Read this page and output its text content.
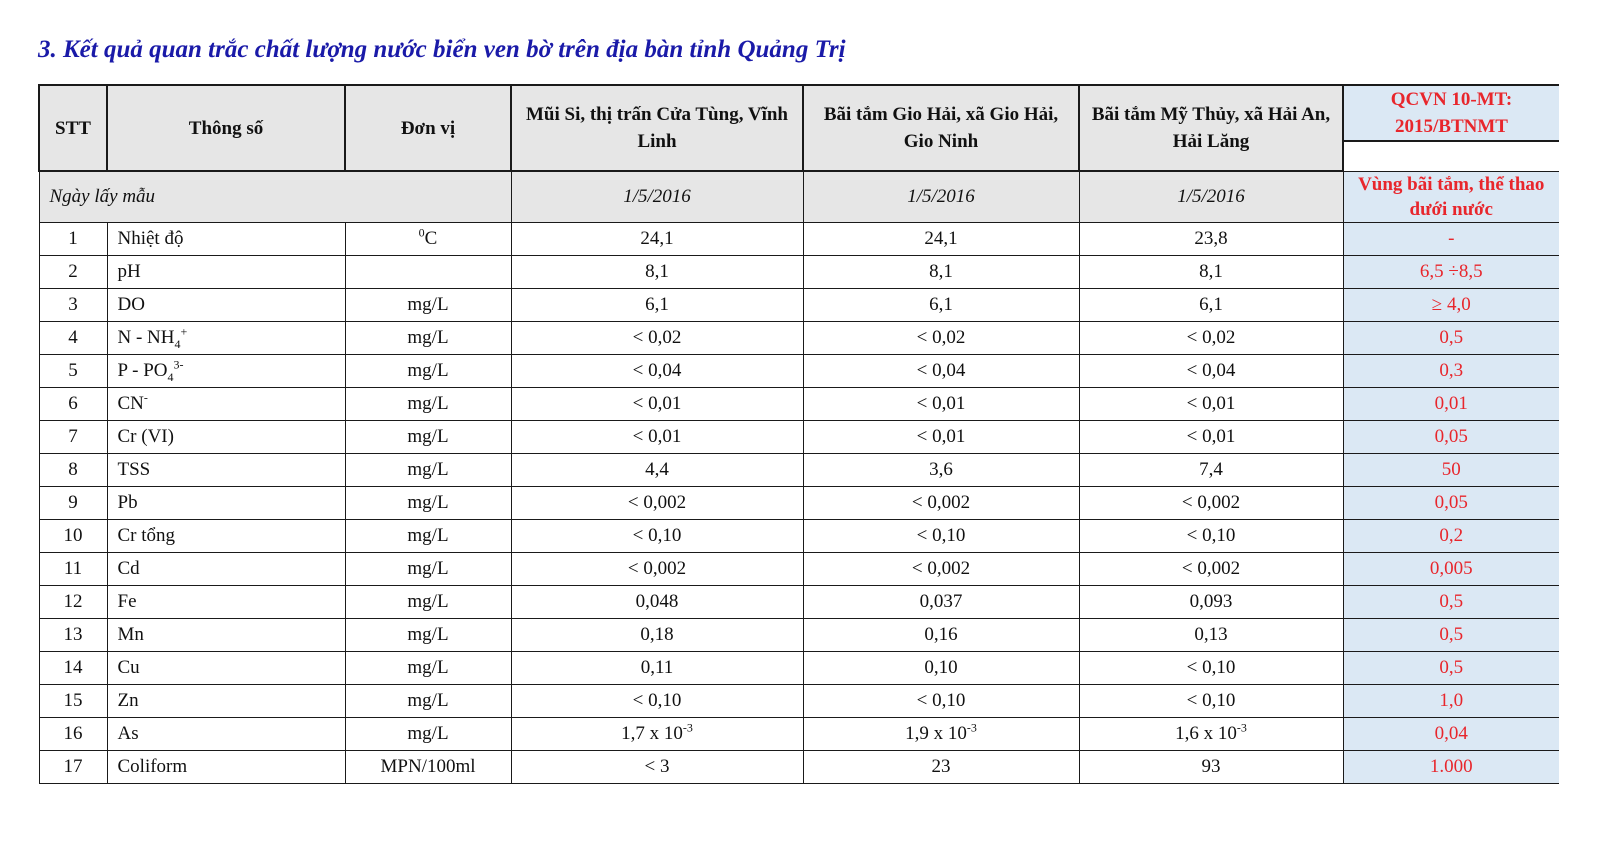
3. Kết quả quan trắc chất lượng nước biển ven bờ trên địa bàn tỉnh Quảng Trị
STT	Thông số	Đơn vị	Mũi Si, thị trấn Cửa Tùng, Vĩnh Linh	Bãi tắm Gio Hải, xã Gio Hải, Gio Ninh	Bãi tắm Mỹ Thủy, xã Hải An, Hải Lăng	QCVN 10-MT: 2015/BTNMT

Ngày lấy mẫu			1/5/2016	1/5/2016	1/5/2016	Vùng bãi tắm, thể thao dưới nước
1	Nhiệt độ	$^0$C	24,1	24,1	23,8	-
2	pH		8,1	8,1	8,1	6,5 ÷8,5
3	DO	mg/L	6,1	6,1	6,1	≥ 4,0
4	N - $NH_4^+$	mg/L	< 0,02	< 0,02	< 0,02	0,5
5	P - $PO_4^{3-}$	mg/L	< 0,04	< 0,04	< 0,04	0,3
6	CN-	mg/L	< 0,01	< 0,01	< 0,01	0,01
7	Cr (VI)	mg/L	< 0,01	< 0,01	< 0,01	0,05
8	TSS	mg/L	4,4	3,6	7,4	50
9	Pb	mg/L	< 0,002	< 0,002	< 0,002	0,05
10	Cr tổng	mg/L	< 0,10	< 0,10	< 0,10	0,2
11	Cd	mg/L	< 0,002	< 0,002	< 0,002	0,005
12	Fe	mg/L	0,048	0,037	0,093	0,5
13	Mn	mg/L	0,18	0,16	0,13	0,5
14	Cu	mg/L	0,11	0,10	< 0,10	0,5
15	Zn	mg/L	< 0,10	< 0,10	< 0,10	1,0
16	As	mg/L	1,7 x $10^{-3}$	1,9 x $10^{-3}$	1,6 x $10^{-3}$	0,04
17	Coliform	MPN/100ml	< 3	23	93	1.000
